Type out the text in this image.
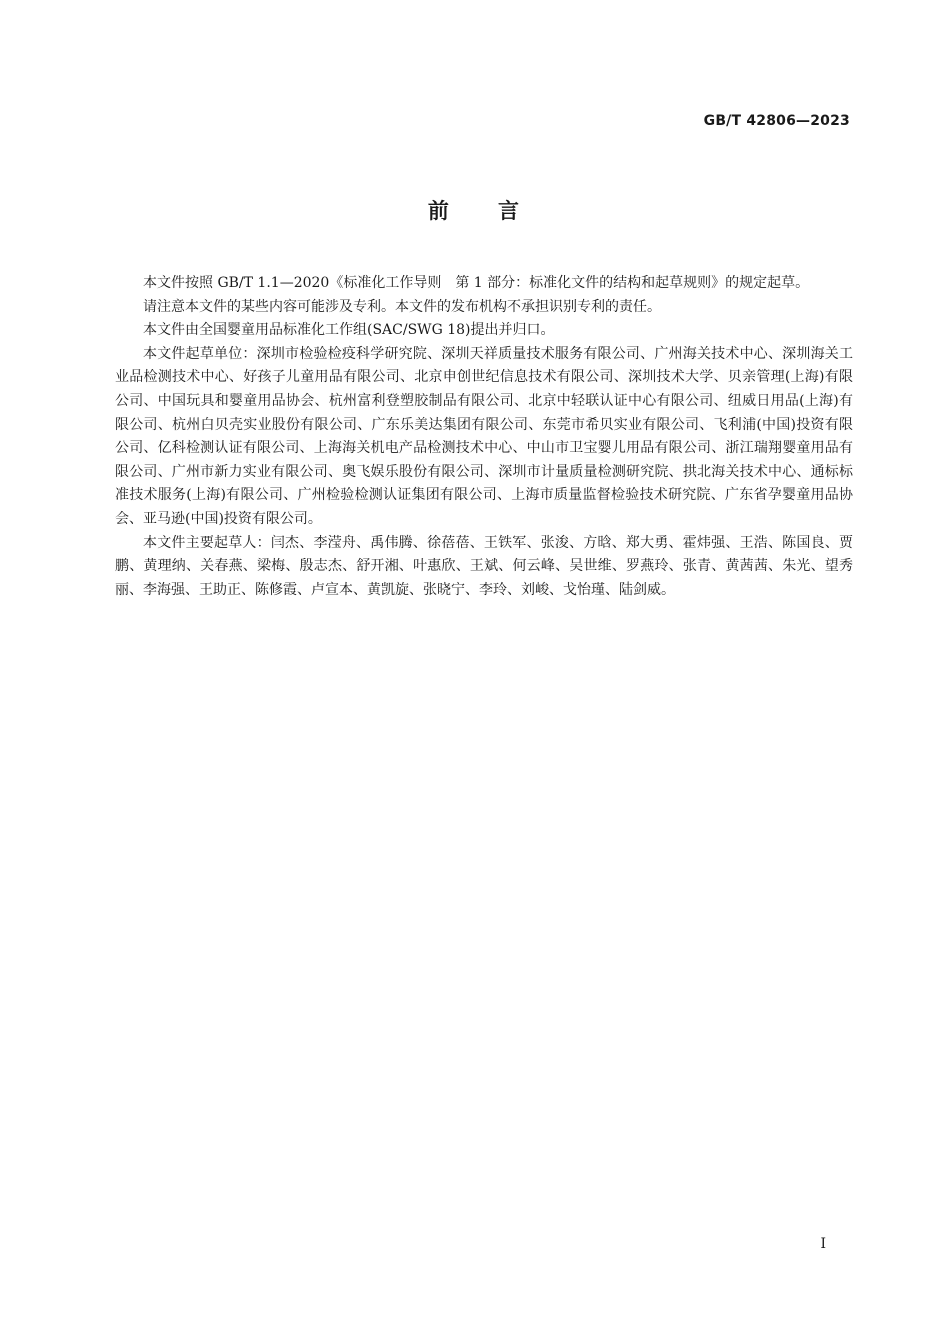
GB/T 42806—2023
前 言

本文件按照 GB/T 1.1—2020《标准化工作导则　第 1 部分：标准化文件的结构和起草规则》的规定起草。

请注意本文件的某些内容可能涉及专利。本文件的发布机构不承担识别专利的责任。

本文件由全国婴童用品标准化工作组(SAC/SWG 18)提出并归口。

本文件起草单位：深圳市检验检疫科学研究院、深圳天祥质量技术服务有限公司、广州海关技术中心、深圳海关工业品检测技术中心、好孩子儿童用品有限公司、北京申创世纪信息技术有限公司、深圳技术大学、贝亲管理(上海)有限公司、中国玩具和婴童用品协会、杭州富利登塑胶制品有限公司、北京中轻联认证中心有限公司、纽威日用品(上海)有限公司、杭州白贝壳实业股份有限公司、广东乐美达集团有限公司、东莞市希贝实业有限公司、飞利浦(中国)投资有限公司、亿科检测认证有限公司、上海海关机电产品检测技术中心、中山市卫宝婴儿用品有限公司、浙江瑞翔婴童用品有限公司、广州市新力实业有限公司、奥飞娱乐股份有限公司、深圳市计量质量检测研究院、拱北海关技术中心、通标标准技术服务(上海)有限公司、广州检验检测认证集团有限公司、上海市质量监督检验技术研究院、广东省孕婴童用品协会、亚马逊(中国)投资有限公司。

本文件主要起草人：闫杰、李滢舟、禹伟腾、徐蓓蓓、王铁军、张浚、方晗、郑大勇、霍炜强、王浩、陈国良、贾鹏、黄理纳、关春燕、梁梅、殷志杰、舒开湘、叶惠欣、王斌、何云峰、吴世维、罗燕玲、张青、黄茜茜、朱光、望秀丽、李海强、王助正、陈修霞、卢宣本、黄凯旋、张晓宁、李玲、刘峻、戈怡瑾、陆剑威。

I
